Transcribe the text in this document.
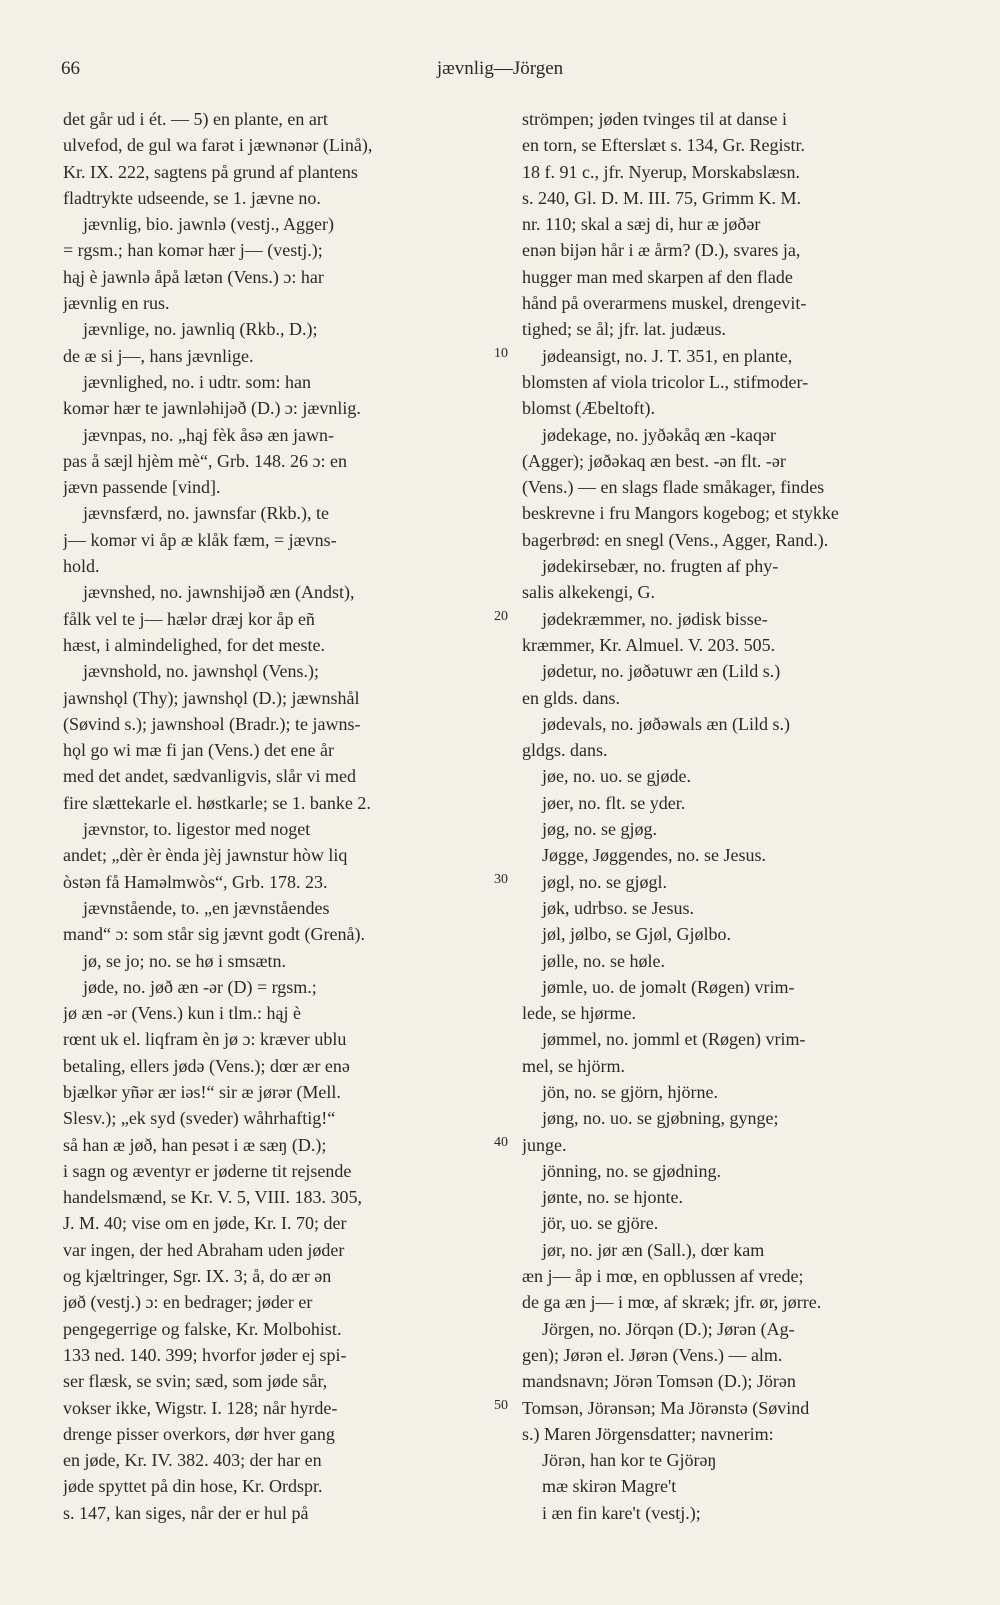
66	jævnlig—Jörgen
det går ud i ét. — 5) en plante, en art
ulvefod, de gul wa farət i jæwnənər (Linå),
Kr. IX. 222, sagtens på grund af plantens
fladtrykte udseende, se 1. jævne no.
jævnlig, bio. jawnlə (vestj., Agger)
= rgsm.; han komər hær j— (vestj.);
hąj è jawnlə åpå lætən (Vens.) ɔ: har
jævnlig en rus.
jævnlige, no. jawnliq (Rkb., D.);
de æ si j—, hans jævnlige.
jævnlighed, no. i udtr. som: han
komər hær te jawnləhijəð (D.) ɔ: jævnlig.
jævnpas, no. „hąj fèk åsə æn jawn-
pas å sæjl hjèm mè“, Grb. 148. 26 ɔ: en
jævn passende [vind].
jævnsfærd, no. jawnsfar (Rkb.), te
j— komər vi åp æ klåk fæm, = jævns-
hold.
jævnshed, no. jawnshijəð æn (Andst),
fålk vel te j— hælər dræj kor åp eñ
hæst, i almindelighed, for det meste.
jævnshold, no. jawnshǫl (Vens.);
jawnshǫl (Thy); jawnshǫl (D.); jæwnshål
(Søvind s.); jawnshoəl (Bradr.); te jawns-
hǫl go wi mæ fi jan (Vens.) det ene år
med det andet, sædvanligvis, slår vi med
fire slættekarle el. høstkarle; se 1. banke 2.
jævnstor, to. ligestor med noget
andet; „dèr èr ènda jèj jawnstur hòw liq
òstən få Haməlmwòs“, Grb. 178. 23.
jævnstående, to. „en jævnståendes
mand“ ɔ: som står sig jævnt godt (Grenå).
jø, se jo; no. se hø i smsætn.
jøde, no. jøð æn -ər (D) = rgsm.;
jø æn -ər (Vens.) kun i tlm.: hąj è
rœnt uk el. liqfram èn jø ɔ: kræver ublu
betaling, ellers jødə (Vens.); dœr ær enə
bjælkər yñər ær iəs!“ sir æ jørər (Mell.
Slesv.); „ek syd (sveder) wåhrhaftig!“
så han æ jøð, han pesət i æ sæŋ (D.);
i sagn og æventyr er jøderne tit rejsende
handelsmænd, se Kr. V. 5, VIII. 183. 305,
J. M. 40; vise om en jøde, Kr. I. 70; der
var ingen, der hed Abraham uden jøder
og kjæltringer, Sgr. IX. 3; å, do ær ən
jøð (vestj.) ɔ: en bedrager; jøder er
pengegerrige og falske, Kr. Molbohist.
133 ned. 140. 399; hvorfor jøder ej spi-
ser flæsk, se svin; sæd, som jøde sår,
vokser ikke, Wigstr. I. 128; når hyrde-
drenge pisser overkors, dør hver gang
en jøde, Kr. IV. 382. 403; der har en
jøde spyttet på din hose, Kr. Ordspr.
s. 147, kan siges, når der er hul på
strömpen; jøden tvinges til at danse i
en torn, se Efterslæt s. 134, Gr. Registr.
18 f. 91 c., jfr. Nyerup, Morskabslæsn.
s. 240, Gl. D. M. III. 75, Grimm K. M.
nr. 110; skal a sæj di, hur æ jøðər
enən bijən hår i æ årm? (D.), svares ja,
hugger man med skarpen af den flade
hånd på overarmens muskel, drengevit-
tighed; se ål; jfr. lat. judæus.
jødeansigt, no. J. T. 351, en plante,
blomsten af viola tricolor L., stifmoder-
blomst (Æbeltoft).
jødekage, no. jyðəkåq æn -kaqər
(Agger); jøðəkaq æn best. -ən flt. -ər
(Vens.) — en slags flade småkager, findes
beskrevne i fru Mangors kogebog; et stykke
bagerbrød: en snegl (Vens., Agger, Rand.).
jødekirsebær, no. frugten af phy-
salis alkekengi, G.
jødekræmmer, no. jødisk bisse-
kræmmer, Kr. Almuel. V. 203. 505.
jødetur, no. jøðətuwr æn (Lild s.)
en glds. dans.
jødevals, no. jøðəwals æn (Lild s.)
gldgs. dans.
jøe, no. uo. se gjøde.
jøer, no. flt. se yder.
jøg, no. se gjøg.
Jøgge, Jøggendes, no. se Jesus.
jøgl, no. se gjøgl.
jøk, udrbso. se Jesus.
jøl, jølbo, se Gjøl, Gjølbo.
jølle, no. se høle.
jømle, uo. de joməlt (Røgen) vrim-
lede, se hjørme.
jømmel, no. jomml et (Røgen) vrim-
mel, se hjörm.
jön, no. se gjörn, hjörne.
jøng, no. uo. se gjøbning, gynge;
junge.
jönning, no. se gjødning.
jønte, no. se hjonte.
jör, uo. se gjöre.
jør, no. jør æn (Sall.), dœr kam
æn j— åp i mœ, en opblussen af vrede;
de ga æn j— i mœ, af skræk; jfr. ør, jørre.
Jörgen, no. Jörqən (D.); Jørən (Ag-
gen); Jørən el. Jørən (Vens.) — alm.
mandsnavn; Jörən Tomsən (D.); Jörən
Tomsən, Jörənsən; Ma Jörənstə (Søvind
s.) Maren Jörgensdatter; navnerim:
Jörən, han kor te Gjörəŋ
mæ skirən Magre't
i æn fin kare't (vestj.);
10
20
30
40
50
